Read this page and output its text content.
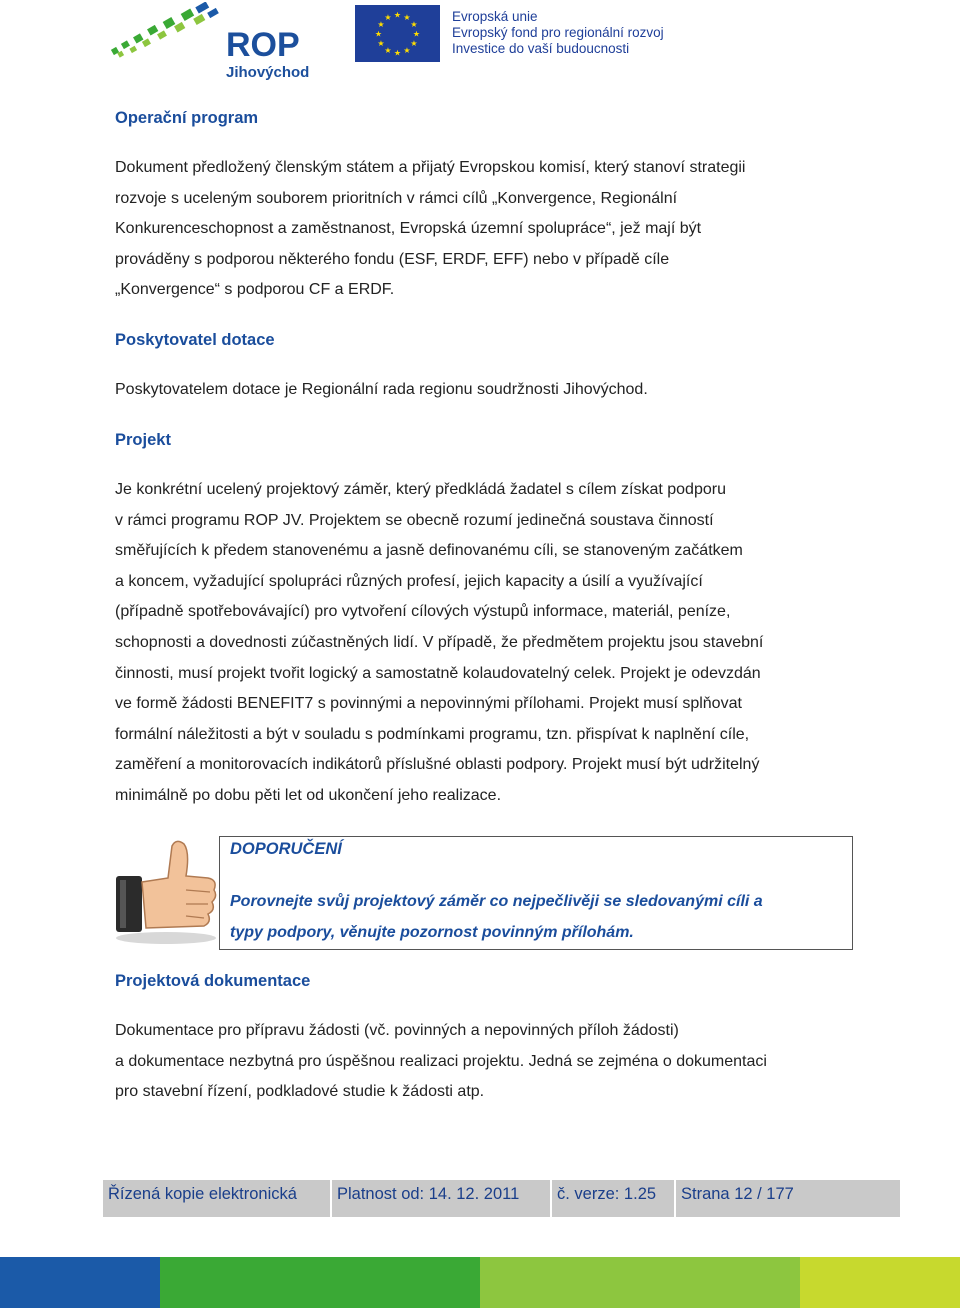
ROP
Jihovýchod
★ ★
★
★
★
★
★
★
★
★
★
★	Evropská unie
Evropský fond pro regionální rozvoj
Investice do vaší budoucnosti
Operační program
Dokument předložený členským státem a přijatý Evropskou komisí, který stanoví strategii
rozvoje s uceleným souborem prioritních v rámci cílů „Konvergence, Regionální
Konkurenceschopnost a zaměstnanost, Evropská územní spolupráce“, jež mají být
prováděny s podporou některého fondu (ESF, ERDF, EFF) nebo v případě cíle
„Konvergence“ s podporou CF a ERDF.
Poskytovatel dotace
Poskytovatelem dotace je Regionální rada regionu soudržnosti Jihovýchod.
Projekt
Je konkrétní ucelený projektový záměr, který předkládá žadatel s cílem získat podporu
v rámci programu ROP JV. Projektem se obecně rozumí jedinečná soustava činností
směřujících k předem stanovenému a jasně definovanému cíli, se stanoveným začátkem
a koncem, vyžadující spolupráci různých profesí, jejich kapacity a úsilí a využívající
(případně spotřebovávající) pro vytvoření cílových výstupů informace, materiál, peníze,
schopnosti a dovednosti zúčastněných lidí. V případě, že předmětem projektu jsou stavební
činnosti, musí projekt tvořit logický a samostatně kolaudovatelný celek. Projekt je odevzdán
ve formě žádosti BENEFIT7 s povinnými a nepovinnými přílohami. Projekt musí splňovat
formální náležitosti a být v souladu s podmínkami programu, tzn. přispívat k naplnění cíle,
zaměření a monitorovacích indikátorů příslušné oblasti podpory. Projekt musí být udržitelný
minimálně po dobu pěti let od ukončení jeho realizace.
DOPORUČENÍ
Porovnejte svůj projektový záměr co nejpečlivěji se sledovanými cíli a
typy podpory, věnujte pozornost povinným přílohám.
Projektová dokumentace
Dokumentace pro přípravu žádosti (vč. povinných a nepovinných příloh žádosti)
a dokumentace nezbytná pro úspěšnou realizaci projektu. Jedná se zejména o dokumentaci
pro stavební řízení, podkladové studie k žádosti atp.
Řízená kopie elektronická	Platnost od: 14. 12. 2011	č. verze: 1.25	Strana 12 / 177
